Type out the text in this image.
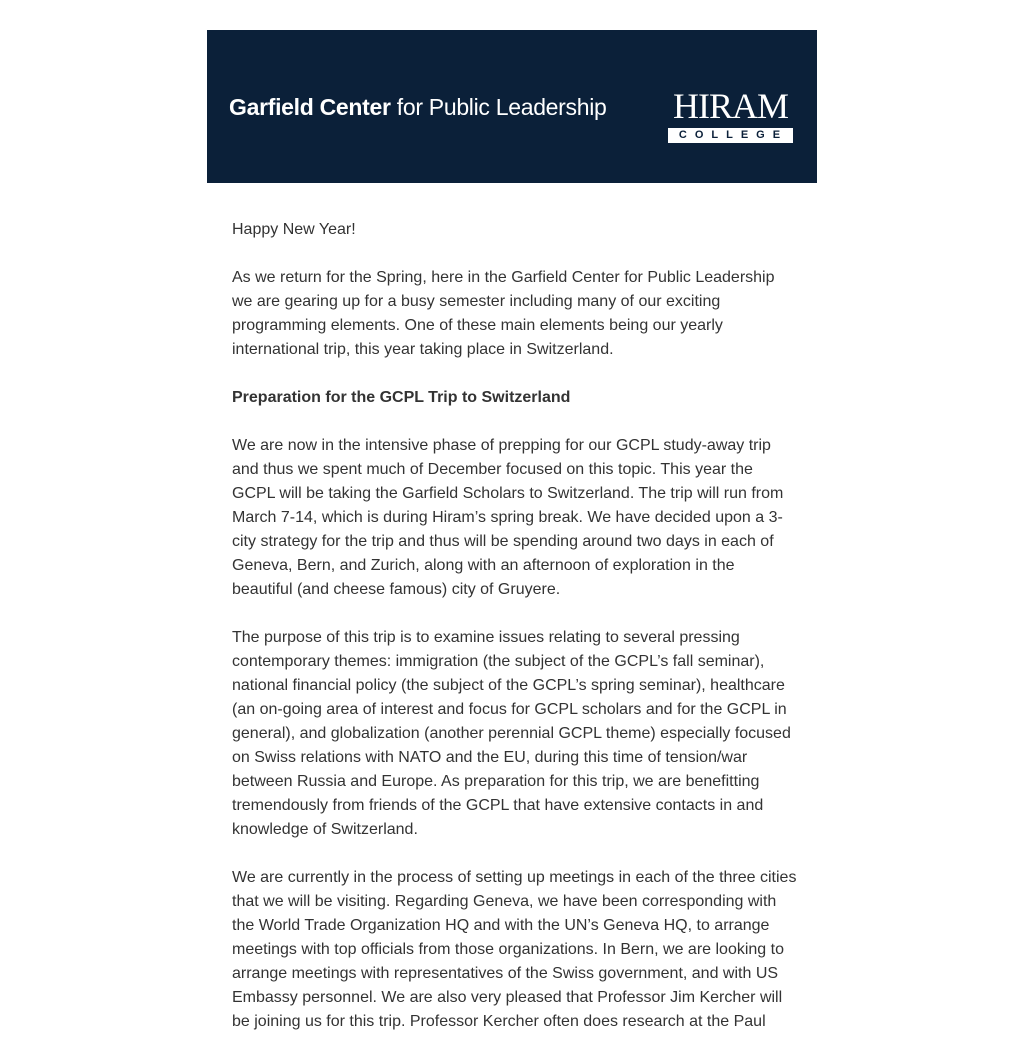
Garfield Center for Public Leadership	HIRAM
COLLEGE

Happy New Year!

As we return for the Spring, here in the Garfield Center for Public Leadership
we are gearing up for a busy semester including many of our exciting
programming elements. One of these main elements being our yearly
international trip, this year taking place in Switzerland.

Preparation for the GCPL Trip to Switzerland

We are now in the intensive phase of prepping for our GCPL study-away trip
and thus we spent much of December focused on this topic. This year the
GCPL will be taking the Garfield Scholars to Switzerland. The trip will run from
March 7-14, which is during Hiram’s spring break. We have decided upon a 3-
city strategy for the trip and thus will be spending around two days in each of
Geneva, Bern, and Zurich, along with an afternoon of exploration in the
beautiful (and cheese famous) city of Gruyere.

The purpose of this trip is to examine issues relating to several pressing
contemporary themes: immigration (the subject of the GCPL’s fall seminar),
national financial policy (the subject of the GCPL’s spring seminar), healthcare
(an on-going area of interest and focus for GCPL scholars and for the GCPL in
general), and globalization (another perennial GCPL theme) especially focused
on Swiss relations with NATO and the EU, during this time of tension/war
between Russia and Europe. As preparation for this trip, we are benefitting
tremendously from friends of the GCPL that have extensive contacts in and
knowledge of Switzerland.

We are currently in the process of setting up meetings in each of the three cities
that we will be visiting. Regarding Geneva, we have been corresponding with
the World Trade Organization HQ and with the UN’s Geneva HQ, to arrange
meetings with top officials from those organizations. In Bern, we are looking to
arrange meetings with representatives of the Swiss government, and with US
Embassy personnel. We are also very pleased that Professor Jim Kercher will
be joining us for this trip. Professor Kercher often does research at the Paul
